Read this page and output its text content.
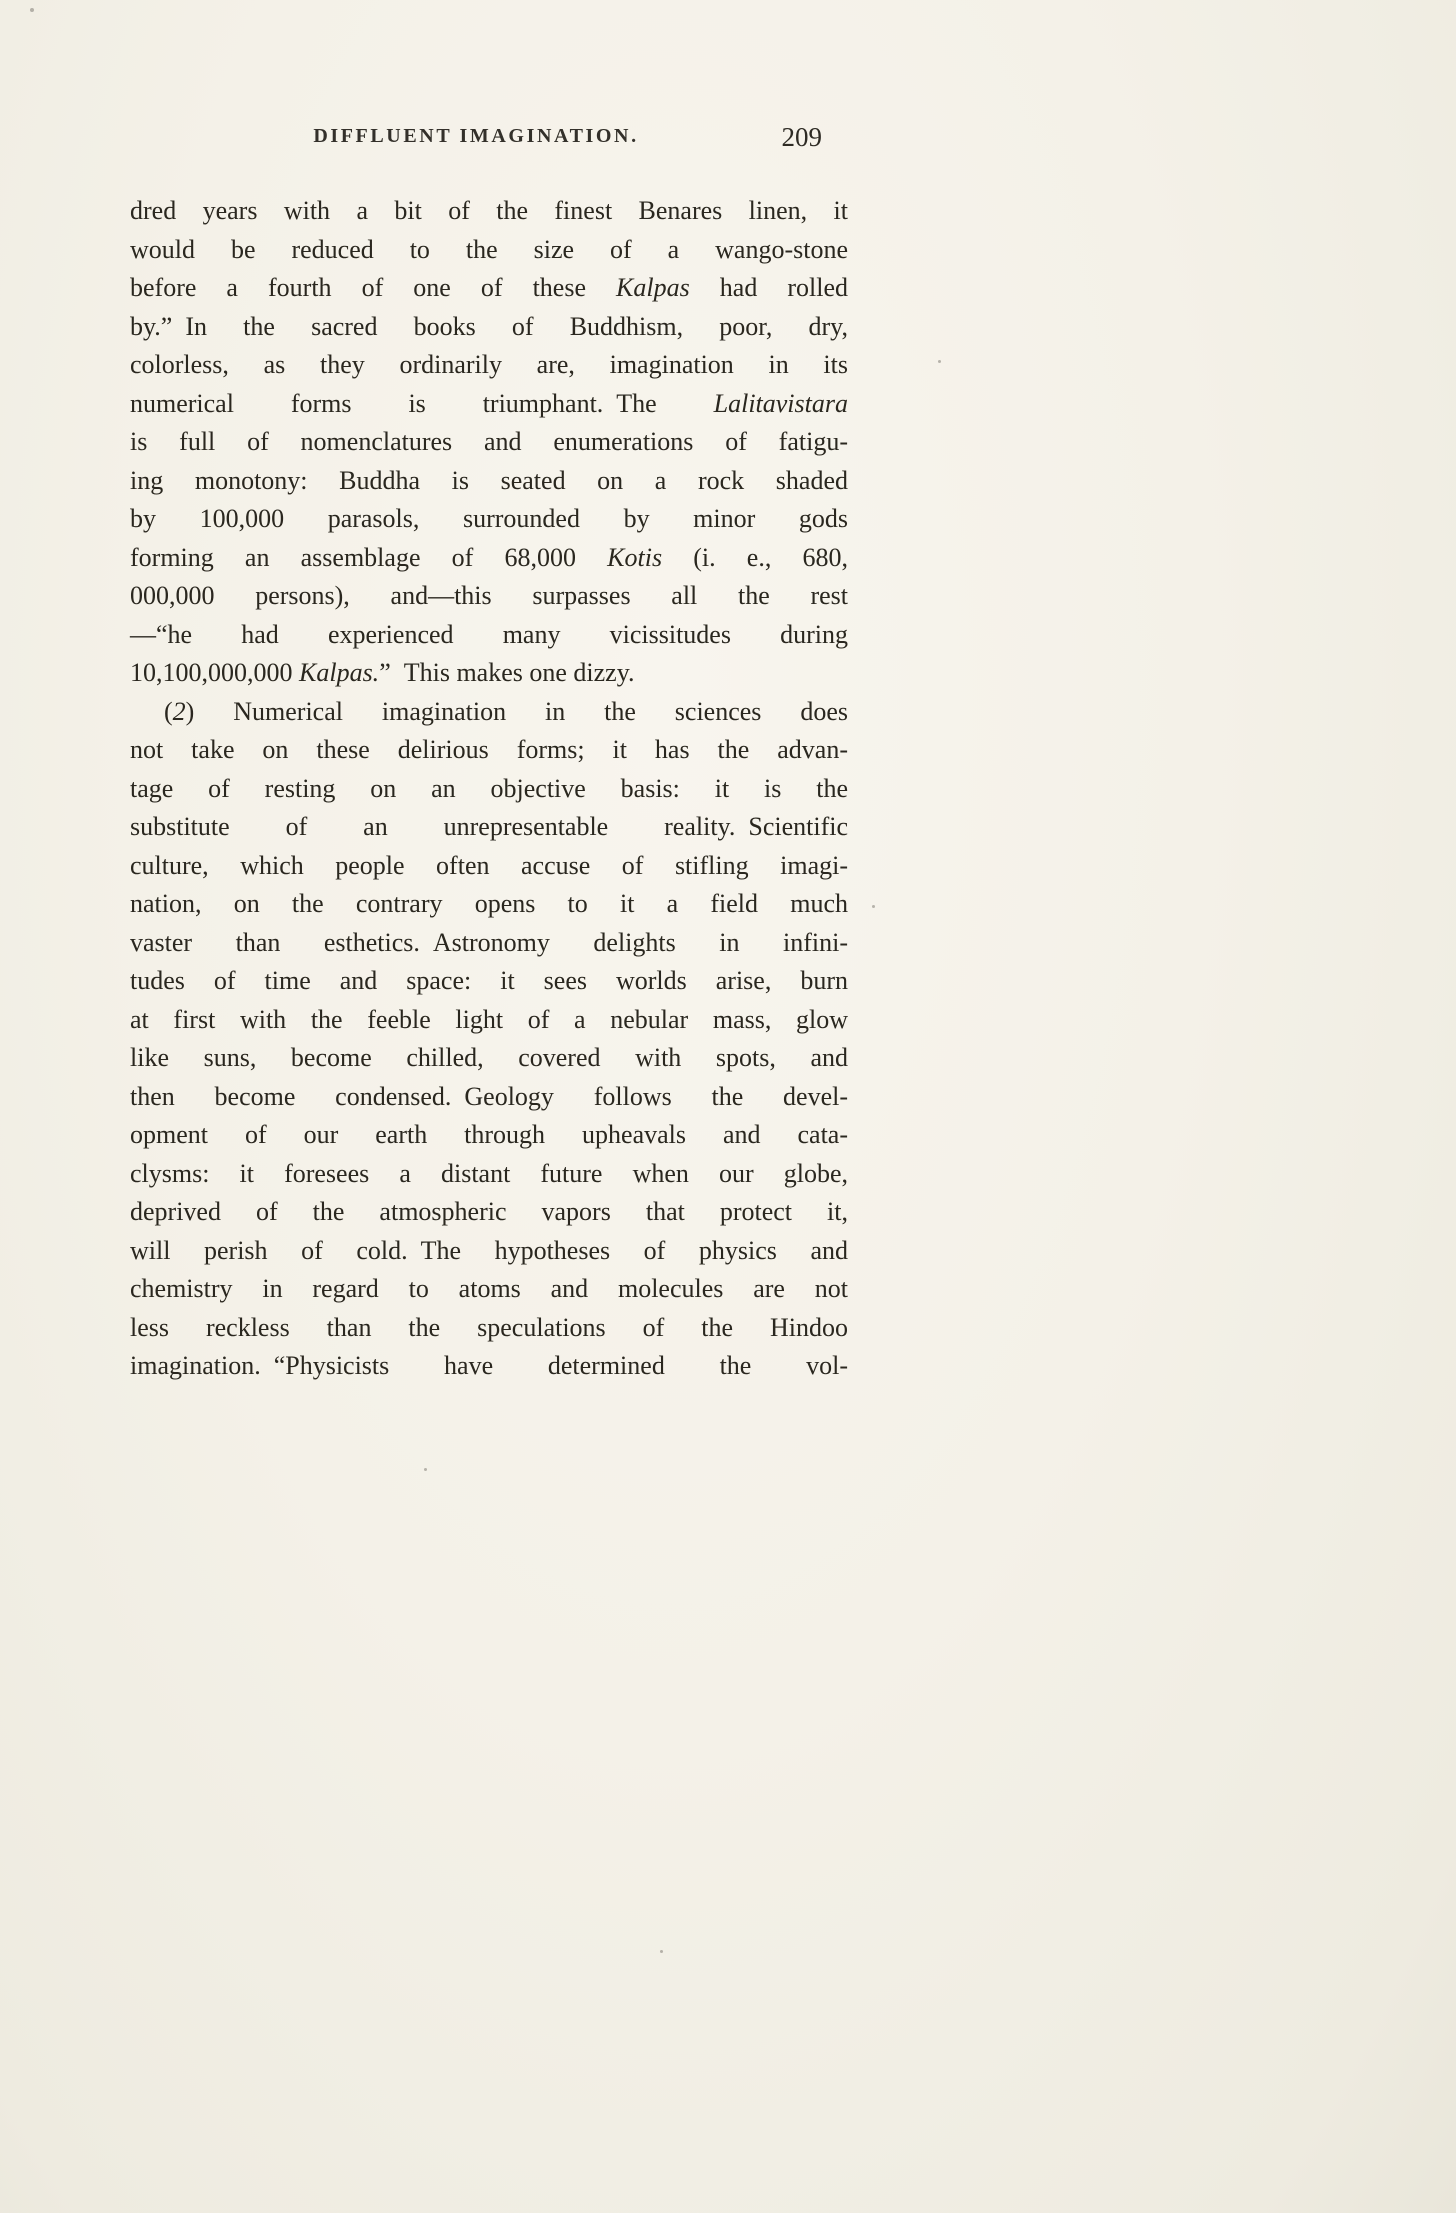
DIFFLUENT IMAGINATION.	209
dred years with a bit of the finest Benares linen, it
would be reduced to the size of a wango-stone
before a fourth of one of these Kalpas had rolled
by.” In the sacred books of Buddhism, poor, dry,
colorless, as they ordinarily are, imagination in its
numerical forms is triumphant. The Lalitavistara
is full of nomenclatures and enumerations of fatigu-
ing monotony: Buddha is seated on a rock shaded
by 100,000 parasols, surrounded by minor gods
forming an assemblage of 68,000 Kotis (i. e., 680,
000,000 persons), and—this surpasses all the rest
—“he had experienced many vicissitudes during
10,100,000,000 Kalpas.” This makes one dizzy.
(2) Numerical imagination in the sciences does
not take on these delirious forms; it has the advan-
tage of resting on an objective basis: it is the
substitute of an unrepresentable reality. Scientific
culture, which people often accuse of stifling imagi-
nation, on the contrary opens to it a field much
vaster than esthetics. Astronomy delights in infini-
tudes of time and space: it sees worlds arise, burn
at first with the feeble light of a nebular mass, glow
like suns, become chilled, covered with spots, and
then become condensed. Geology follows the devel-
opment of our earth through upheavals and cata-
clysms: it foresees a distant future when our globe,
deprived of the atmospheric vapors that protect it,
will perish of cold. The hypotheses of physics and
chemistry in regard to atoms and molecules are not
less reckless than the speculations of the Hindoo
imagination. “Physicists have determined the vol-
